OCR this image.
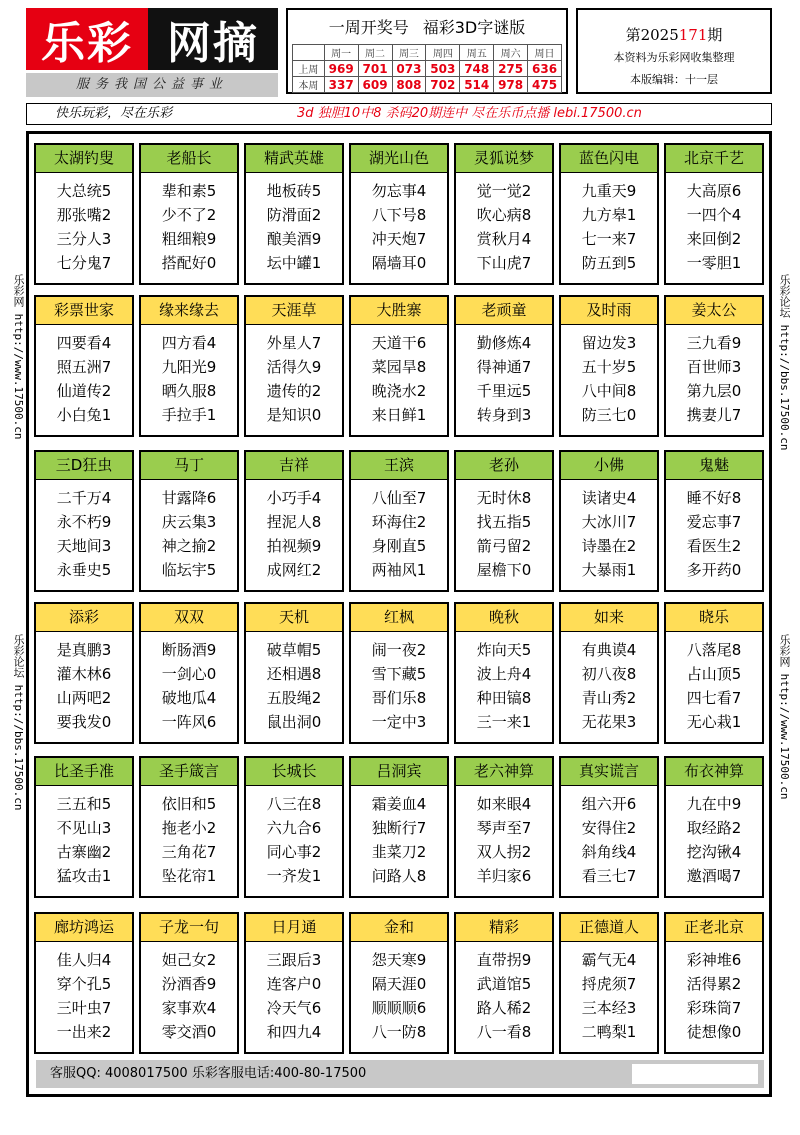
乐彩 网摘
服务我国公益事业
一周开奖号 福彩3D字谜版
	周一	周二	周三	周四	周五	周六	周日
上周	969	701	073	503	748	275	636
本周	337	609	808	702	514	978	475
第2025171期
本资料为乐彩网收集整理
本版编辑：十一层
快乐玩彩，尽在乐彩	3d 独胆10中8 杀码20期连中 尽在乐币点播 lebi.17500.cn
乐彩网 http://www.17500.cn
乐彩论坛 http://bbs.17500.cn
乐彩论坛 http://bbs.17500.cn
乐彩网 http://www.17500.cn
太湖钓叟
大总统5
那张嘴2
三分人3
七分鬼7
老船长
辈和素5
少不了2
粗细粮9
搭配好0
精武英雄
地板砖5
防滑面2
酿美酒9
坛中罐1
湖光山色
勿忘事4
八下号8
冲天炮7
隔墙耳0
灵狐说梦
觉一觉2
吹心病8
赏秋月4
下山虎7
蓝色闪电
九重天9
九方皋1
七一来7
防五到5
北京千艺
大高原6
一四个4
来回倒2
一零胆1
彩票世家
四要看4
照五洲7
仙道传2
小白兔1
缘来缘去
四方看4
九阳光9
晒久服8
手拉手1
天涯草
外星人7
活得久9
遗传的2
是知识0
大胜寨
天道干6
菜园旱8
晚浇水2
来日鲜1
老顽童
勤修炼4
得神通7
千里远5
转身到3
及时雨
留边发3
五十岁5
八中间8
防三七0
姜太公
三九看9
百世师3
第九层0
携妻儿7
三D狂虫
二千万4
永不朽9
天地间3
永垂史5
马丁
甘露降6
庆云集3
神之揄2
临坛宇5
吉祥
小巧手4
捏泥人8
拍视频9
成网红2
王滨
八仙至7
环海住2
身刚直5
两袖风1
老孙
无时休8
找五指5
箭弓留2
屋檐下0
小佛
读诸史4
大冰川7
诗墨在2
大暴雨1
鬼魅
睡不好8
爱忘事7
看医生2
多开药0
添彩
是真鹏3
灌木林6
山两吧2
要我发0
双双
断肠酒9
一剑心0
破地瓜4
一阵风6
天机
破草帽5
还相遇8
五股绳2
鼠出洞0
红枫
闹一夜2
雪下藏5
哥们乐8
一定中3
晚秋
炸向天5
波上舟4
种田镐8
三一来1
如来
有典谟4
初八夜8
青山秀2
无花果3
晓乐
八落尾8
占山顶5
四七看7
无心栽1
比圣手准
三五和5
不见山3
古寨幽2
猛攻击1
圣手箴言
依旧和5
拖老小2
三角花7
坠花帘1
长城长
八三在8
六九合6
同心事2
一齐发1
吕洞宾
霜姜血4
独断行7
韭菜刀2
问路人8
老六神算
如来眼4
琴声至7
双人拐2
羊归家6
真实谎言
组六开6
安得住2
斜角线4
看三七7
布衣神算
九在中9
取经路2
挖沟锹4
邀酒喝7
廊坊鸿运
佳人归4
穿个孔5
三叶虫7
一出来2
子龙一句
妲己女2
汾酒香9
家事欢4
零交酒0
日月通
三跟后3
连客户0
冷天气6
和四九4
金和
怨天寒9
隔天涯0
顺顺顺6
八一防8
精彩
直带拐9
武道馆5
路人稀2
八一看8
正德道人
霸气无4
捋虎须7
三本经3
二鸭梨1
正老北京
彩神堆6
活得累2
彩珠筒7
徒想像0
客服QQ: 4008017500 乐彩客服电话:400-80-17500
